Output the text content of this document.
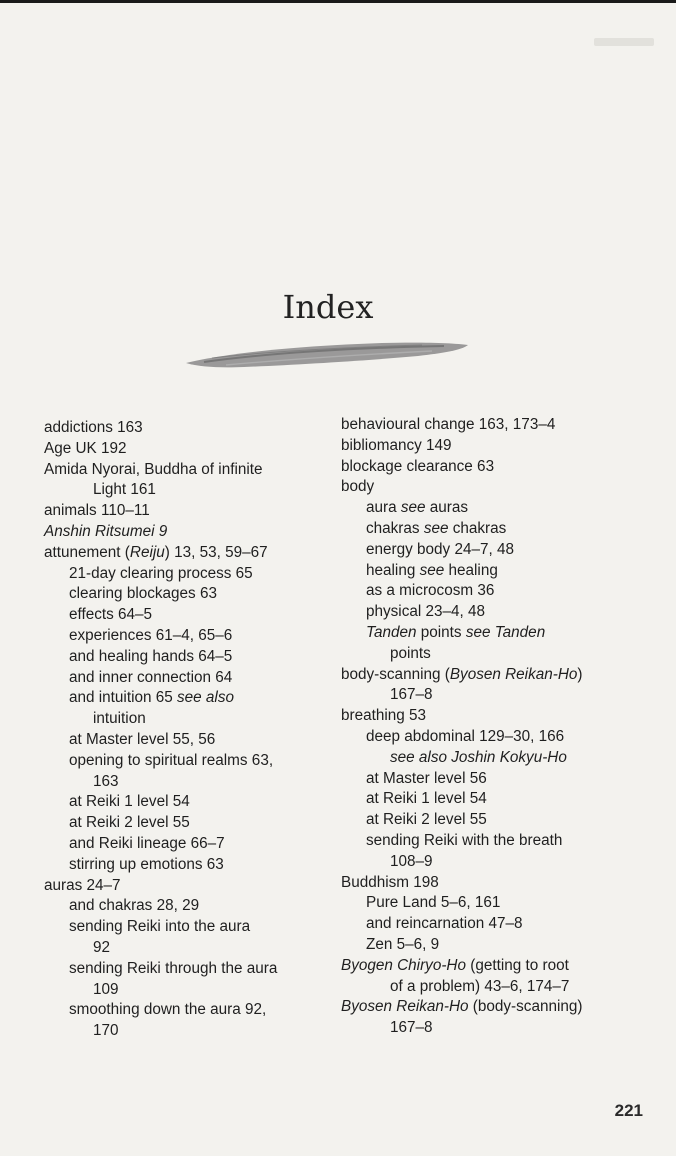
Index
addictions 163
Age UK 192
Amida Nyorai, Buddha of infinite
Light 161
animals 110–11
Anshin Ritsumei 9
attunement (Reiju) 13, 53, 59–67
21-day clearing process 65
clearing blockages 63
effects 64–5
experiences 61–4, 65–6
and healing hands 64–5
and inner connection 64
and intuition 65 see also
intuition
at Master level 55, 56
opening to spiritual realms 63,
163
at Reiki 1 level 54
at Reiki 2 level 55
and Reiki lineage 66–7
stirring up emotions 63
auras 24–7
and chakras 28, 29
sending Reiki into the aura
92
sending Reiki through the aura
109
smoothing down the aura 92,
170
behavioural change 163, 173–4
bibliomancy 149
blockage clearance 63
body
aura see auras
chakras see chakras
energy body 24–7, 48
healing see healing
as a microcosm 36
physical 23–4, 48
Tanden points see Tanden
points
body-scanning (Byosen Reikan-Ho)
167–8
breathing 53
deep abdominal 129–30, 166
see also Joshin Kokyu-Ho
at Master level 56
at Reiki 1 level 54
at Reiki 2 level 55
sending Reiki with the breath
108–9
Buddhism 198
Pure Land 5–6, 161
and reincarnation 47–8
Zen 5–6, 9
Byogen Chiryo-Ho (getting to root
of a problem) 43–6, 174–7
Byosen Reikan-Ho (body-scanning)
167–8
221
